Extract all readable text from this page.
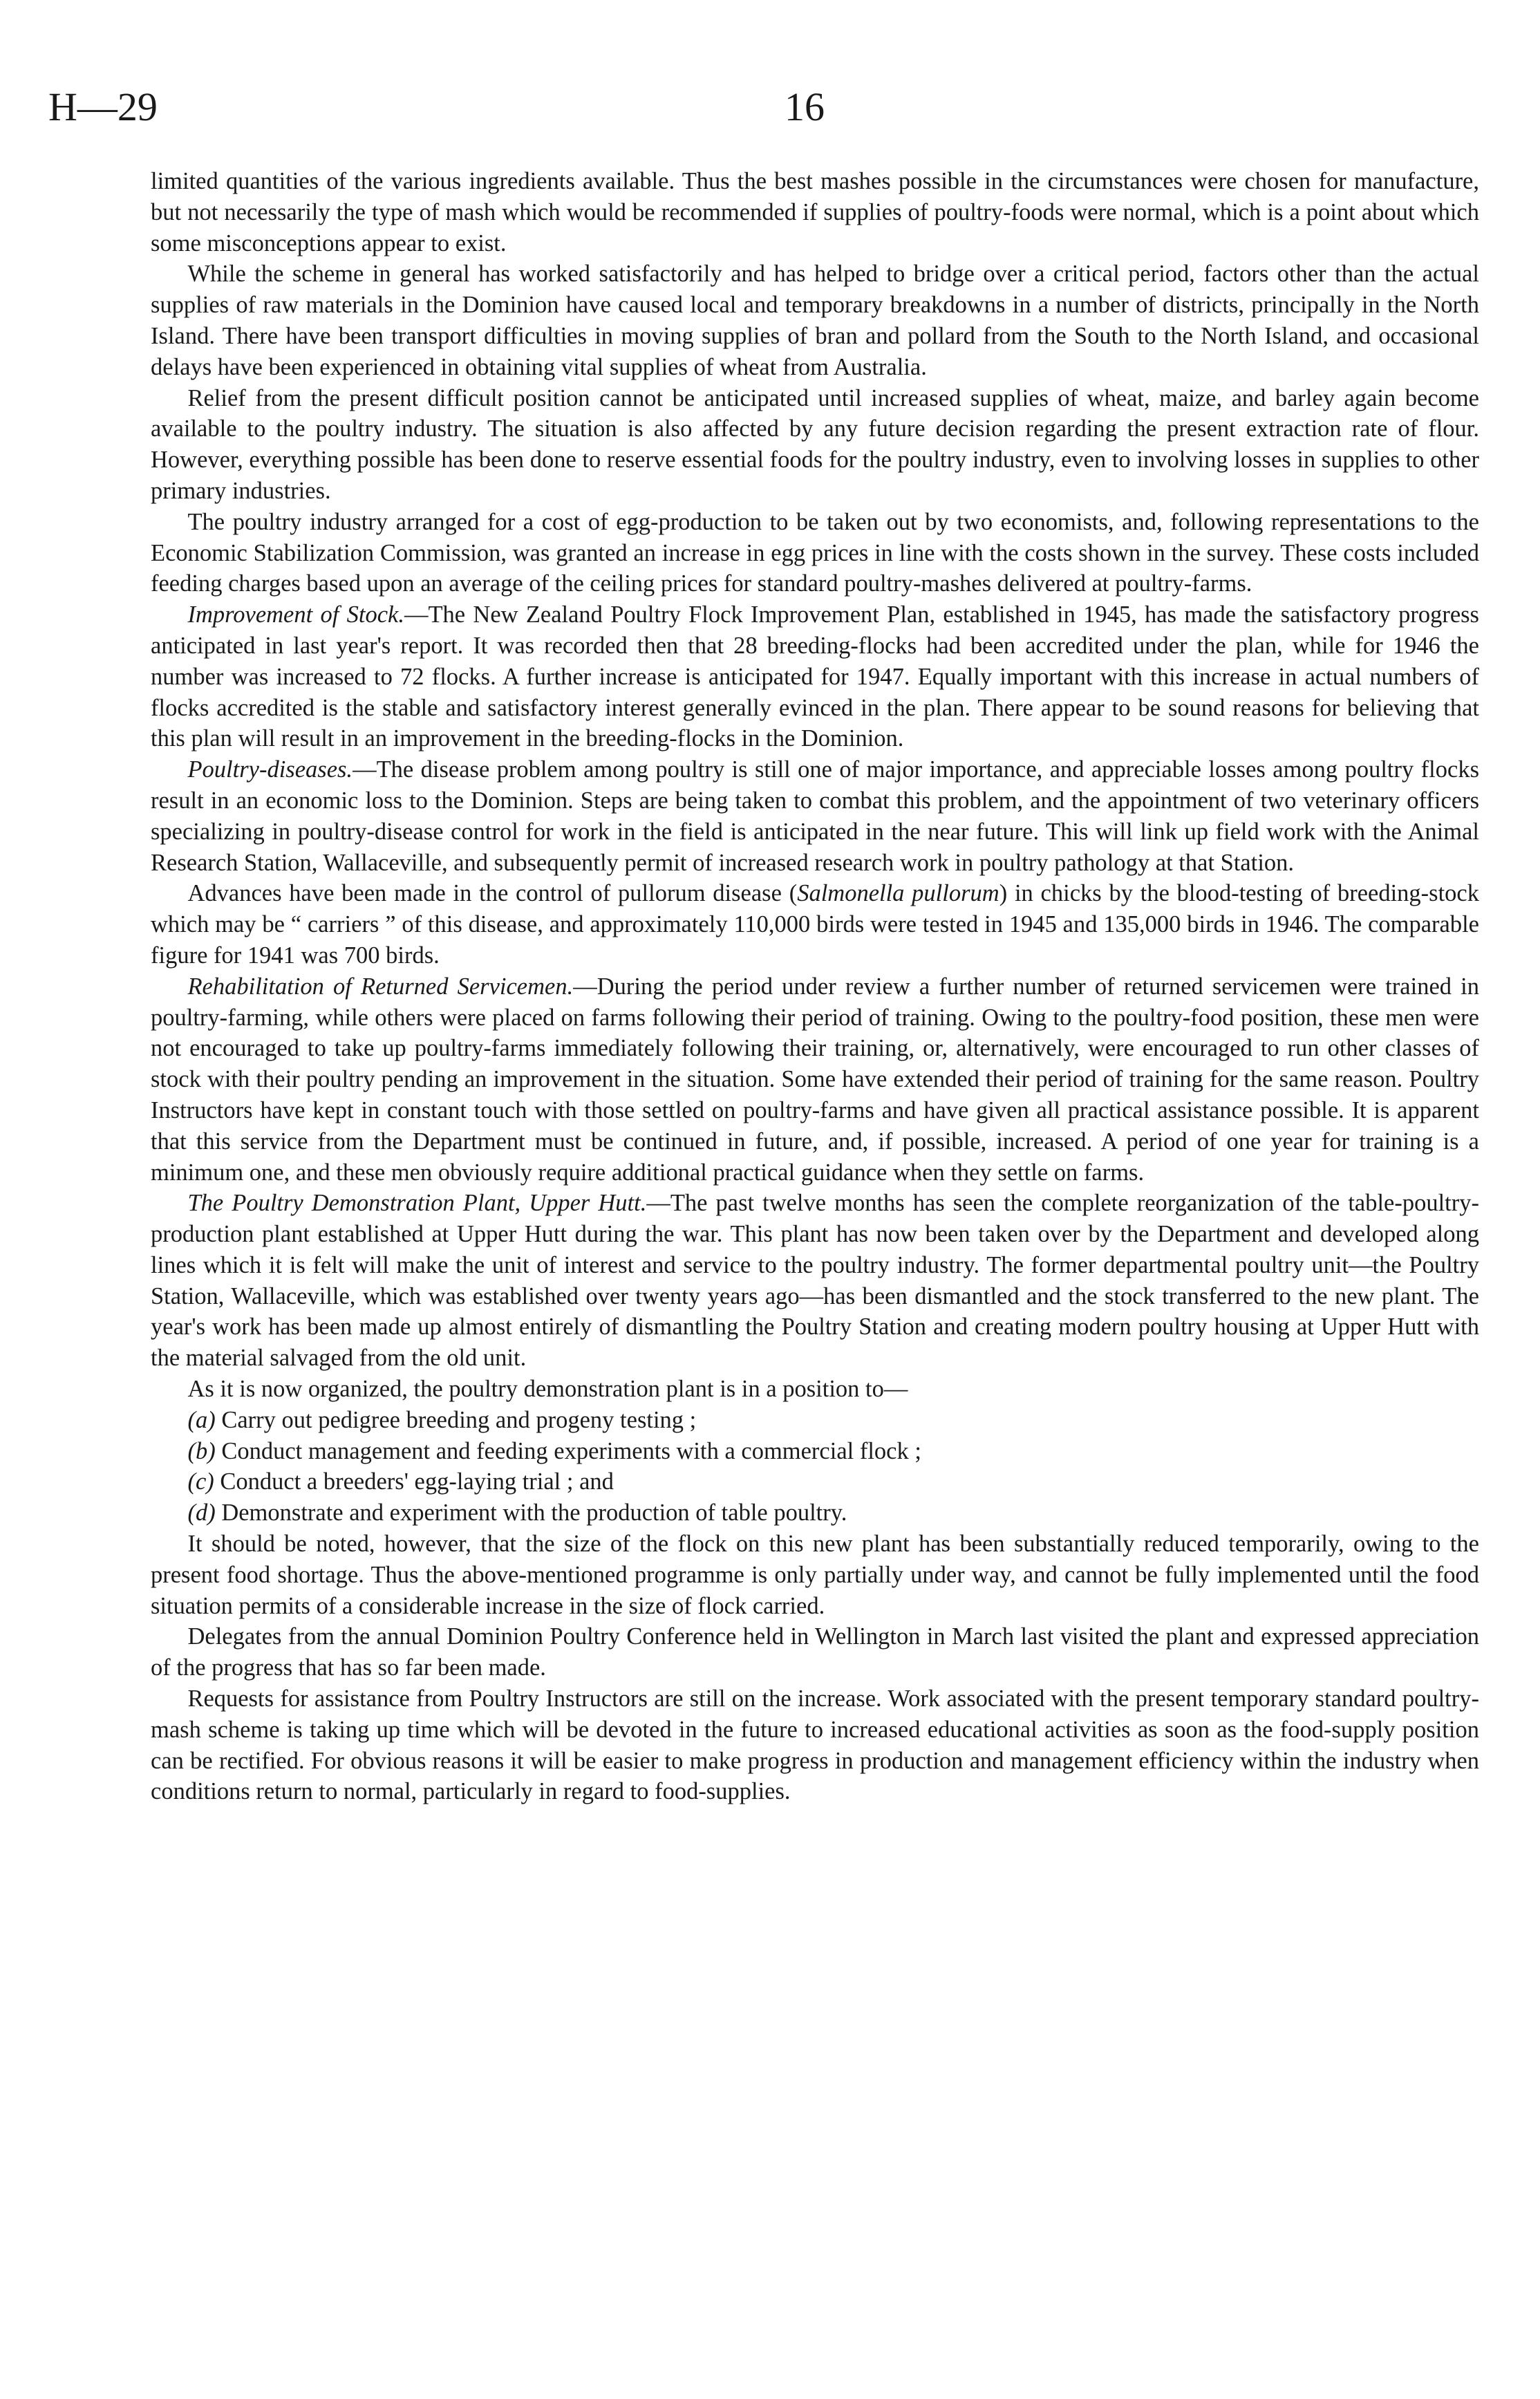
H—29	16

limited quantities of the various ingredients available. Thus the best mashes possible in the circumstances were chosen for manufacture, but not necessarily the type of mash which would be recommended if supplies of poultry-foods were normal, which is a point about which some misconceptions appear to exist.

While the scheme in general has worked satisfactorily and has helped to bridge over a critical period, factors other than the actual supplies of raw materials in the Dominion have caused local and temporary breakdowns in a number of districts, principally in the North Island. There have been transport difficulties in moving supplies of bran and pollard from the South to the North Island, and occasional delays have been experienced in obtaining vital supplies of wheat from Australia.

Relief from the present difficult position cannot be anticipated until increased supplies of wheat, maize, and barley again become available to the poultry industry. The situation is also affected by any future decision regarding the present extraction rate of flour. However, everything possible has been done to reserve essential foods for the poultry industry, even to involving losses in supplies to other primary industries.

The poultry industry arranged for a cost of egg-production to be taken out by two economists, and, following representations to the Economic Stabilization Commission, was granted an increase in egg prices in line with the costs shown in the survey. These costs included feeding charges based upon an average of the ceiling prices for standard poultry-mashes delivered at poultry-farms.

Improvement of Stock.—The New Zealand Poultry Flock Improvement Plan, established in 1945, has made the satisfactory progress anticipated in last year's report. It was recorded then that 28 breeding-flocks had been accredited under the plan, while for 1946 the number was increased to 72 flocks. A further increase is anticipated for 1947. Equally important with this increase in actual numbers of flocks accredited is the stable and satisfactory interest generally evinced in the plan. There appear to be sound reasons for believing that this plan will result in an improvement in the breeding-flocks in the Dominion.

Poultry-diseases.—The disease problem among poultry is still one of major importance, and appreciable losses among poultry flocks result in an economic loss to the Dominion. Steps are being taken to combat this problem, and the appointment of two veterinary officers specializing in poultry-disease control for work in the field is anticipated in the near future. This will link up field work with the Animal Research Station, Wallaceville, and subsequently permit of increased research work in poultry pathology at that Station.

Advances have been made in the control of pullorum disease (Salmonella pullorum) in chicks by the blood-testing of breeding-stock which may be “ carriers ” of this disease, and approximately 110,000 birds were tested in 1945 and 135,000 birds in 1946. The comparable figure for 1941 was 700 birds.

Rehabilitation of Returned Servicemen.—During the period under review a further number of returned servicemen were trained in poultry-farming, while others were placed on farms following their period of training. Owing to the poultry-food position, these men were not encouraged to take up poultry-farms immediately following their training, or, alternatively, were encouraged to run other classes of stock with their poultry pending an improvement in the situation. Some have extended their period of training for the same reason. Poultry Instructors have kept in constant touch with those settled on poultry-farms and have given all practical assistance possible. It is apparent that this service from the Department must be continued in future, and, if possible, increased. A period of one year for training is a minimum one, and these men obviously require additional practical guidance when they settle on farms.

The Poultry Demonstration Plant, Upper Hutt.—The past twelve months has seen the complete reorganization of the table-poultry-production plant established at Upper Hutt during the war. This plant has now been taken over by the Department and developed along lines which it is felt will make the unit of interest and service to the poultry industry. The former departmental poultry unit—the Poultry Station, Wallaceville, which was established over twenty years ago—has been dismantled and the stock transferred to the new plant. The year's work has been made up almost entirely of dismantling the Poultry Station and creating modern poultry housing at Upper Hutt with the material salvaged from the old unit.

As it is now organized, the poultry demonstration plant is in a position to—

(a) Carry out pedigree breeding and progeny testing ;
(b) Conduct management and feeding experiments with a commercial flock ;
(c) Conduct a breeders' egg-laying trial ; and
(d) Demonstrate and experiment with the production of table poultry.

It should be noted, however, that the size of the flock on this new plant has been substantially reduced temporarily, owing to the present food shortage. Thus the above-mentioned programme is only partially under way, and cannot be fully implemented until the food situation permits of a considerable increase in the size of flock carried.

Delegates from the annual Dominion Poultry Conference held in Wellington in March last visited the plant and expressed appreciation of the progress that has so far been made.

Requests for assistance from Poultry Instructors are still on the increase. Work associated with the present temporary standard poultry-mash scheme is taking up time which will be devoted in the future to increased educational activities as soon as the food-supply position can be rectified. For obvious reasons it will be easier to make progress in production and management efficiency within the industry when conditions return to normal, particularly in regard to food-supplies.
